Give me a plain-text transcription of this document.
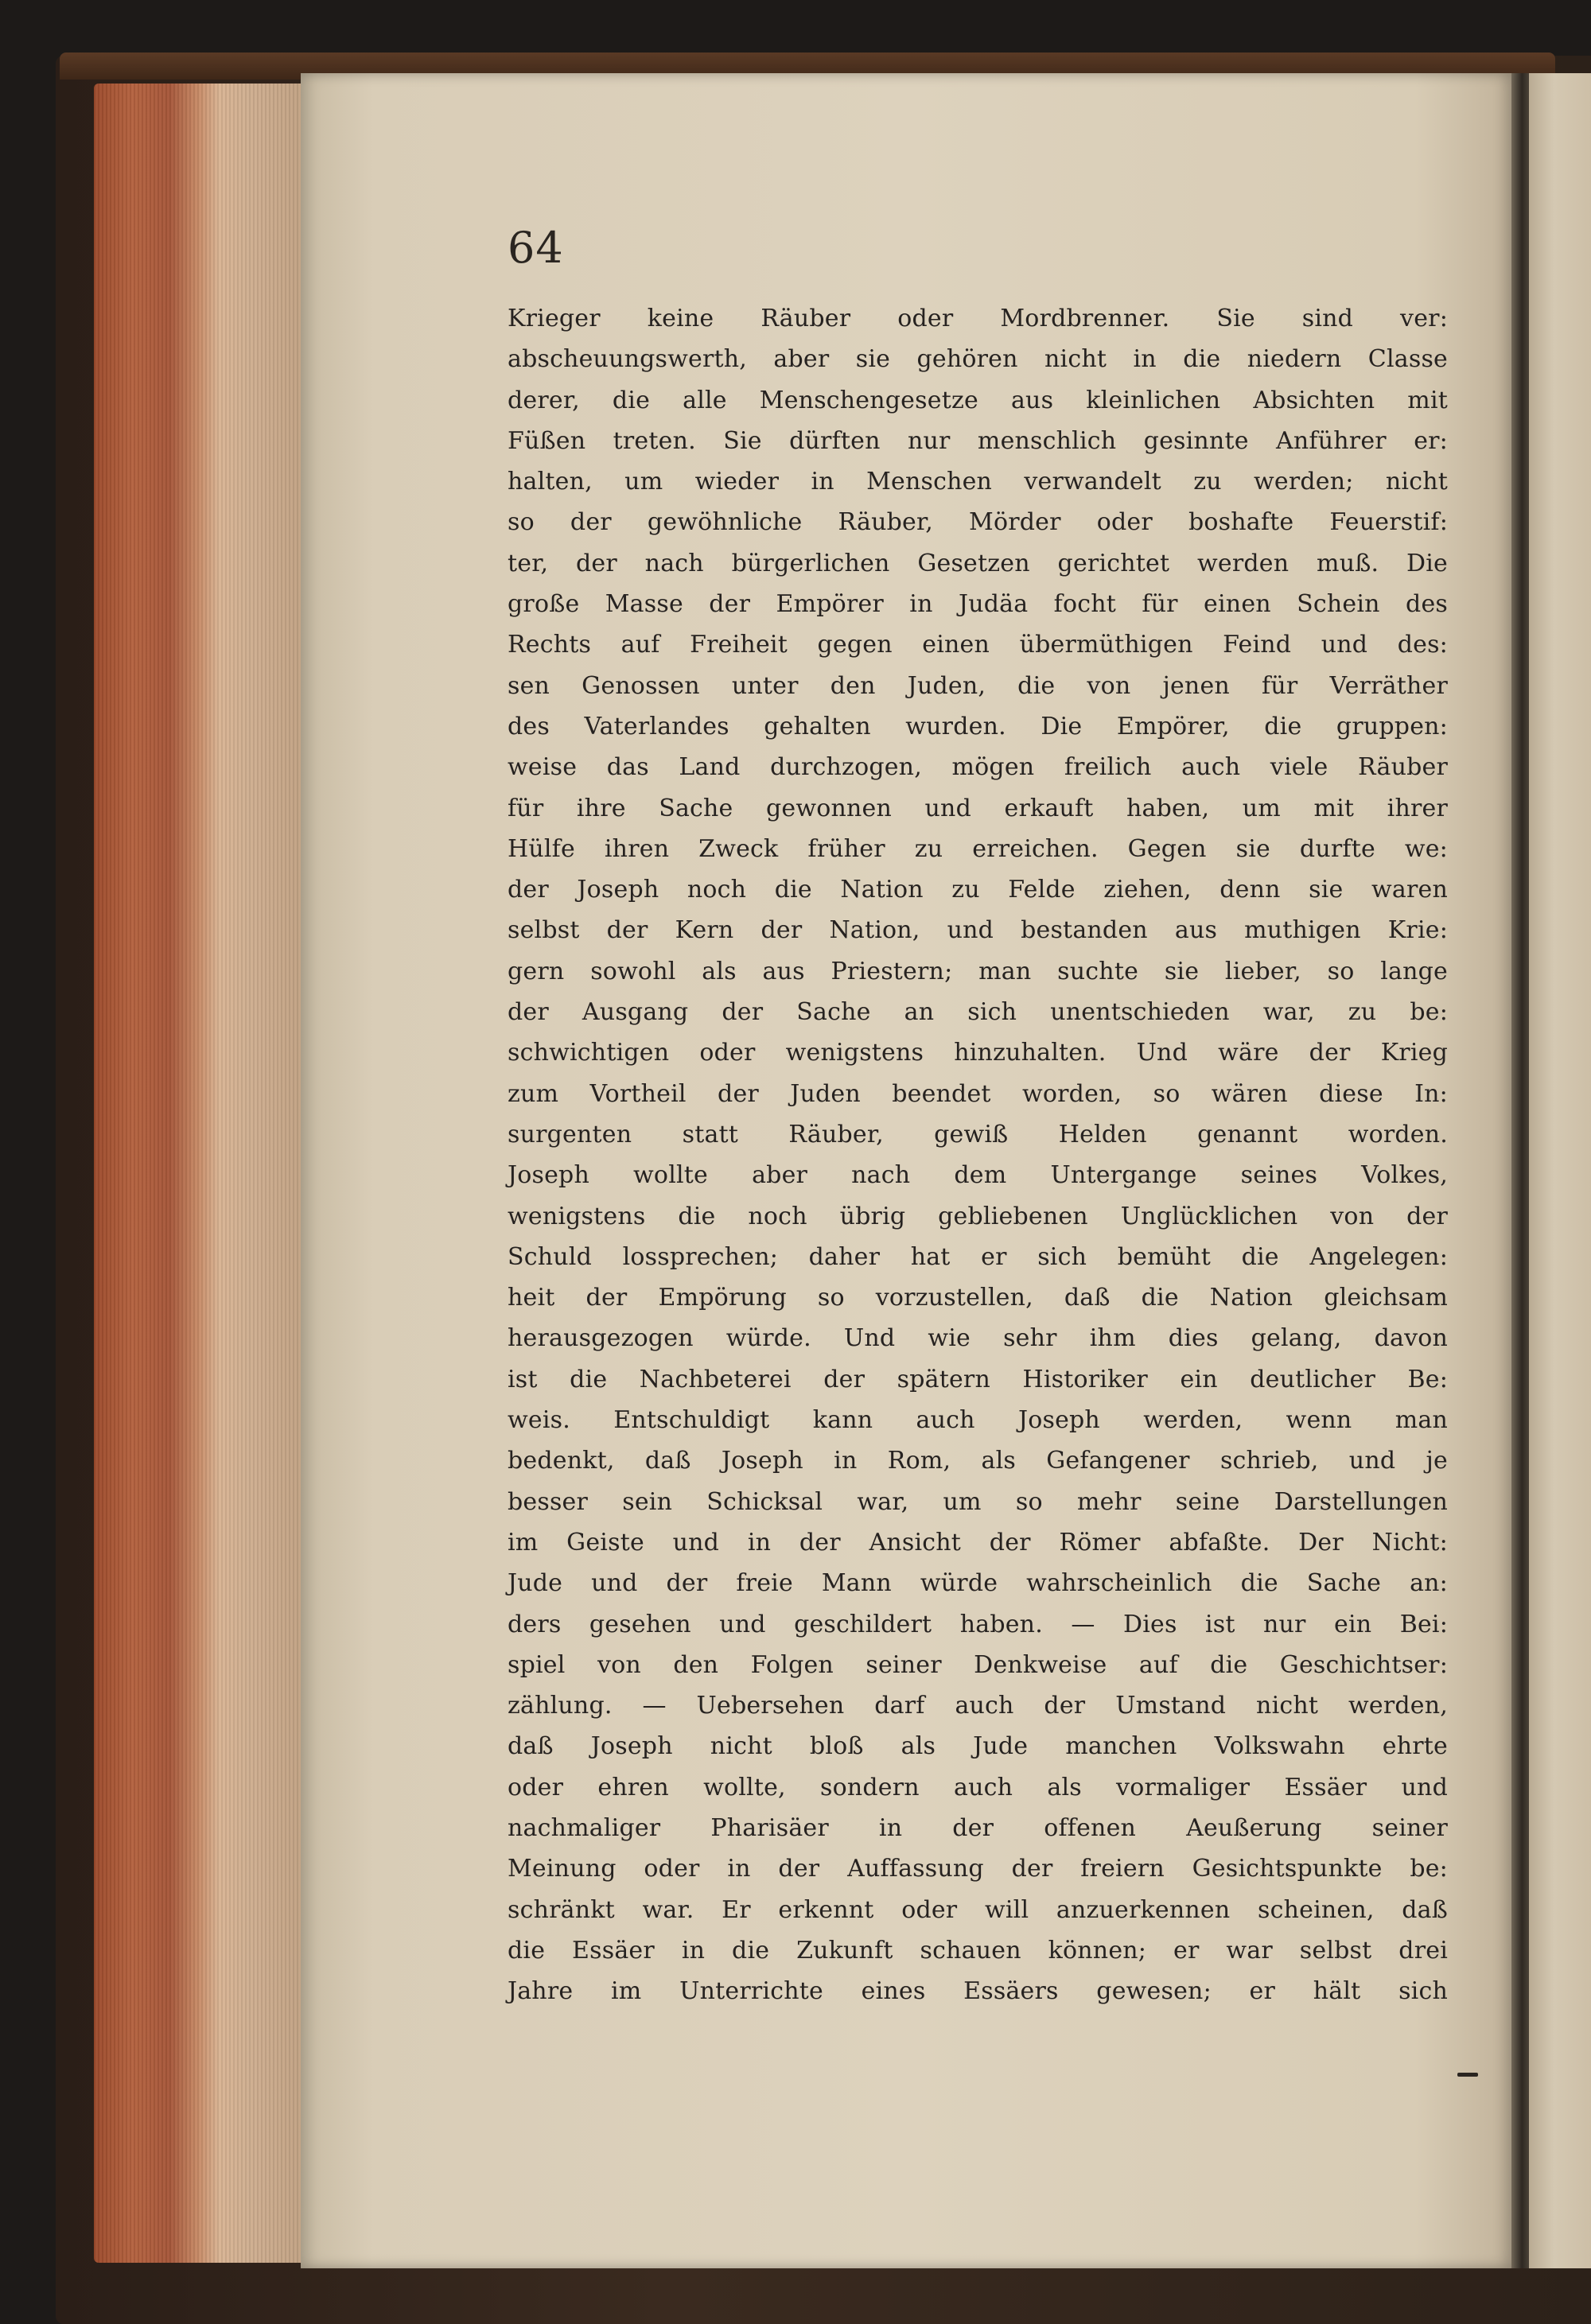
64
Krieger keine Räuber oder Mordbrenner. Sie sind ver:
abscheuungswerth, aber sie gehören nicht in die niedern Classe
derer, die alle Menschengesetze aus kleinlichen Absichten mit
Füßen treten. Sie dürften nur menschlich gesinnte Anführer er:
halten, um wieder in Menschen verwandelt zu werden; nicht
so der gewöhnliche Räuber, Mörder oder boshafte Feuerstif:
ter, der nach bürgerlichen Gesetzen gerichtet werden muß. Die
große Masse der Empörer in Judäa focht für einen Schein des
Rechts auf Freiheit gegen einen übermüthigen Feind und des:
sen Genossen unter den Juden, die von jenen für Verräther
des Vaterlandes gehalten wurden. Die Empörer, die gruppen:
weise das Land durchzogen, mögen freilich auch viele Räuber
für ihre Sache gewonnen und erkauft haben, um mit ihrer
Hülfe ihren Zweck früher zu erreichen. Gegen sie durfte we:
der Joseph noch die Nation zu Felde ziehen, denn sie waren
selbst der Kern der Nation, und bestanden aus muthigen Krie:
gern sowohl als aus Priestern; man suchte sie lieber, so lange
der Ausgang der Sache an sich unentschieden war, zu be:
schwichtigen oder wenigstens hinzuhalten. Und wäre der Krieg
zum Vortheil der Juden beendet worden, so wären diese In:
surgenten statt Räuber, gewiß Helden genannt worden.
Joseph wollte aber nach dem Untergange seines Volkes,
wenigstens die noch übrig gebliebenen Unglücklichen von der
Schuld lossprechen; daher hat er sich bemüht die Angelegen:
heit der Empörung so vorzustellen, daß die Nation gleichsam
herausgezogen würde. Und wie sehr ihm dies gelang, davon
ist die Nachbeterei der spätern Historiker ein deutlicher Be:
weis. Entschuldigt kann auch Joseph werden, wenn man
bedenkt, daß Joseph in Rom, als Gefangener schrieb, und je
besser sein Schicksal war, um so mehr seine Darstellungen
im Geiste und in der Ansicht der Römer abfaßte. Der Nicht:
Jude und der freie Mann würde wahrscheinlich die Sache an:
ders gesehen und geschildert haben. — Dies ist nur ein Bei:
spiel von den Folgen seiner Denkweise auf die Geschichtser:
zählung. — Uebersehen darf auch der Umstand nicht werden,
daß Joseph nicht bloß als Jude manchen Volkswahn ehrte
oder ehren wollte, sondern auch als vormaliger Essäer und
nachmaliger Pharisäer in der offenen Aeußerung seiner
Meinung oder in der Auffassung der freiern Gesichtspunkte be:
schränkt war. Er erkennt oder will anzuerkennen scheinen, daß
die Essäer in die Zukunft schauen können; er war selbst drei
Jahre im Unterrichte eines Essäers gewesen; er hält sich
